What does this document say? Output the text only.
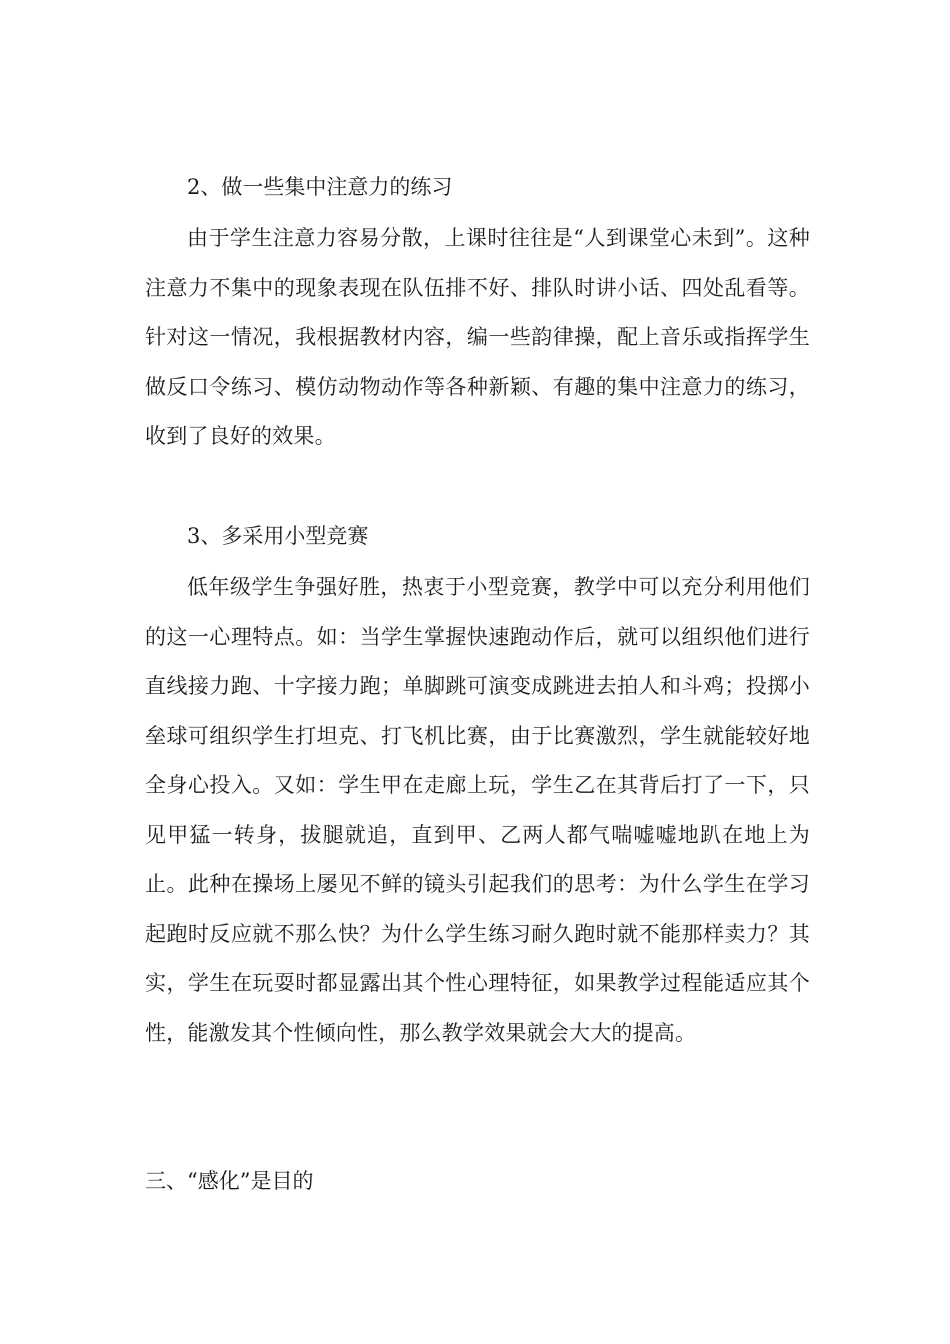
2、做一些集中注意力的练习
由于学生注意力容易分散，上课时往往是“人到课堂心未到”。这种注意力不集中的现象表现在队伍排不好、排队时讲小话、四处乱看等。针对这一情况，我根据教材内容，编一些韵律操，配上音乐或指挥学生做反口令练习、模仿动物动作等各种新颖、有趣的集中注意力的练习，收到了良好的效果。
3、多采用小型竞赛
低年级学生争强好胜，热衷于小型竞赛，教学中可以充分利用他们的这一心理特点。如：当学生掌握快速跑动作后，就可以组织他们进行直线接力跑、十字接力跑；单脚跳可演变成跳进去拍人和斗鸡；投掷小垒球可组织学生打坦克、打飞机比赛，由于比赛激烈，学生就能较好地全身心投入。又如：学生甲在走廊上玩，学生乙在其背后打了一下，只见甲猛一转身，拔腿就追，直到甲、乙两人都气喘嘘嘘地趴在地上为止。此种在操场上屡见不鲜的镜头引起我们的思考：为什么学生在学习起跑时反应就不那么快？为什么学生练习耐久跑时就不能那样卖力？其实，学生在玩耍时都显露出其个性心理特征，如果教学过程能适应其个性，能激发其个性倾向性，那么教学效果就会大大的提高。
三、“感化”是目的
